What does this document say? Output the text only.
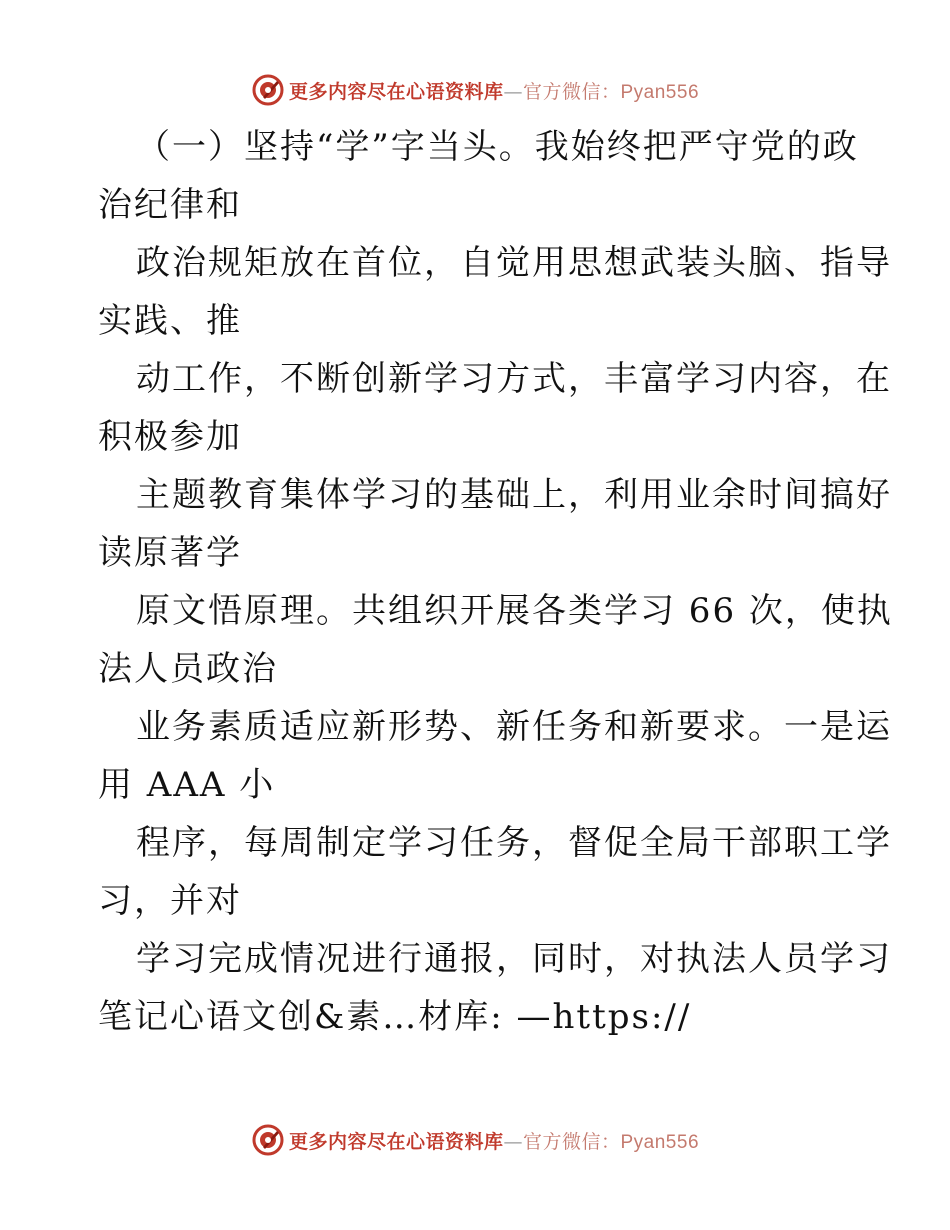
更多内容尽在心语资料库—官方微信：Pyan556
（一）坚持“学”字当头。我始终把严守党的政
治纪律和
政治规矩放在首位，自觉用思想武装头脑、指导
实践、推
动工作，不断创新学习方式，丰富学习内容，在
积极参加
主题教育集体学习的基础上，利用业余时间搞好
读原著学
原文悟原理。共组织开展各类学习 66 次，使执
法人员政治
业务素质适应新形势、新任务和新要求。一是运
用 AAA 小
程序，每周制定学习任务，督促全局干部职工学
习，并对
学习完成情况进行通报，同时，对执法人员学习
笔记心语文创&素…材库: —https://
更多内容尽在心语资料库—官方微信：Pyan556
